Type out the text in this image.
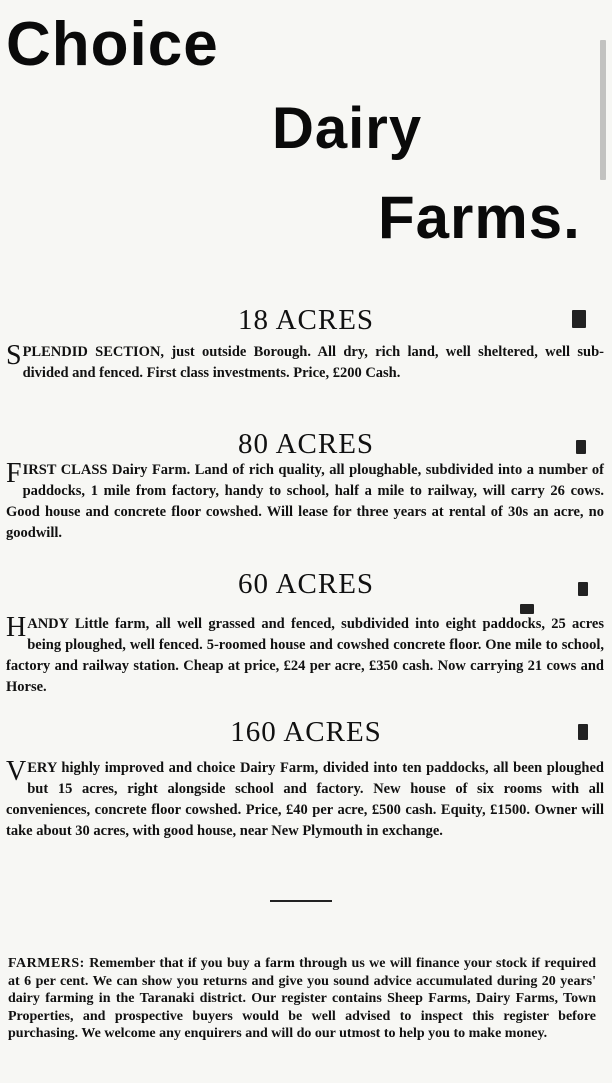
Choice
Dairy
Farms.
18 ACRES
S PLENDID SECTION, just outside Borough. All dry, rich land, well sheltered, well sub-divided and fenced. First class investments. Price, £200 Cash.
80 ACRES
F IRST CLASS Dairy Farm. Land of rich quality, all ploughable, subdivided into a number of paddocks, 1 mile from factory, handy to school, half a mile to railway, will carry 26 cows. Good house and concrete floor cowshed. Will lease for three years at rental of 30s an acre, no goodwill.
60 ACRES
H ANDY Little farm, all well grassed and fenced, subdivided into eight paddocks, 25 acres being ploughed, well fenced. 5-roomed house and cowshed concrete floor. One mile to school, factory and railway station. Cheap at price, £24 per acre, £350 cash. Now carrying 21 cows and Horse.
160 ACRES
V ERY highly improved and choice Dairy Farm, divided into ten paddocks, all been ploughed but 15 acres, right alongside school and factory. New house of six rooms with all conveniences, concrete floor cowshed. Price, £40 per acre, £500 cash. Equity, £1500. Owner will take about 30 acres, with good house, near New Plymouth in exchange.
FARMERS: Remember that if you buy a farm through us we will finance your stock if required at 6 per cent. We can show you returns and give you sound advice accumulated during 20 years' dairy farming in the Taranaki district. Our register contains Sheep Farms, Dairy Farms, Town Properties, and prospective buyers would be well advised to inspect this register before purchasing. We welcome any enquirers and will do our utmost to help you to make money.
